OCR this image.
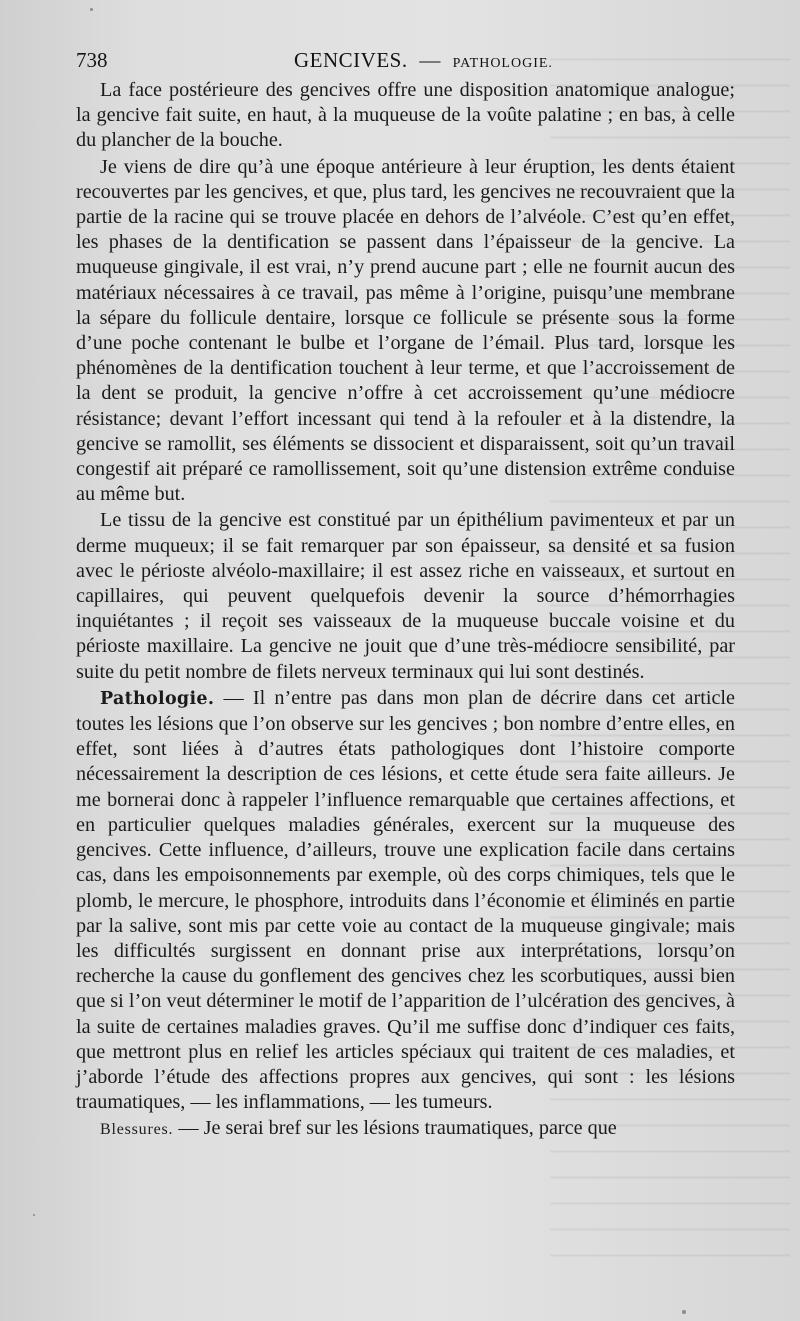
738	GENCIVES. — PATHOLOGIE.

La face postérieure des gencives offre une disposition anatomique analogue; la gencive fait suite, en haut, à la muqueuse de la voûte palatine ; en bas, à celle du plancher de la bouche.

Je viens de dire qu’à une époque antérieure à leur éruption, les dents étaient recouvertes par les gencives, et que, plus tard, les gencives ne recouvraient que la partie de la racine qui se trouve placée en dehors de l’alvéole. C’est qu’en effet, les phases de la dentification se passent dans l’épaisseur de la gencive. La muqueuse gingivale, il est vrai, n’y prend aucune part ; elle ne fournit aucun des matériaux nécessaires à ce travail, pas même à l’origine, puisqu’une membrane la sépare du follicule dentaire, lorsque ce follicule se présente sous la forme d’une poche contenant le bulbe et l’organe de l’émail. Plus tard, lorsque les phénomènes de la dentification touchent à leur terme, et que l’accroissement de la dent se produit, la gencive n’offre à cet accroissement qu’une médiocre résistance; devant l’effort incessant qui tend à la refouler et à la distendre, la gencive se ramollit, ses éléments se dissocient et disparaissent, soit qu’un travail congestif ait préparé ce ramollissement, soit qu’une distension extrême conduise au même but.

Le tissu de la gencive est constitué par un épithélium pavimenteux et par un derme muqueux; il se fait remarquer par son épaisseur, sa densité et sa fusion avec le périoste alvéolo-maxillaire; il est assez riche en vaisseaux, et surtout en capillaires, qui peuvent quelquefois devenir la source d’hémorrhagies inquiétantes ; il reçoit ses vaisseaux de la muqueuse buccale voisine et du périoste maxillaire. La gencive ne jouit que d’une très-médiocre sensibilité, par suite du petit nombre de filets nerveux terminaux qui lui sont destinés.

Pathologie. — Il n’entre pas dans mon plan de décrire dans cet article toutes les lésions que l’on observe sur les gencives ; bon nombre d’entre elles, en effet, sont liées à d’autres états pathologiques dont l’histoire comporte nécessairement la description de ces lésions, et cette étude sera faite ailleurs. Je me bornerai donc à rappeler l’influence remarquable que certaines affections, et en particulier quelques maladies générales, exercent sur la muqueuse des gencives. Cette influence, d’ailleurs, trouve une explication facile dans certains cas, dans les empoisonnements par exemple, où des corps chimiques, tels que le plomb, le mercure, le phosphore, introduits dans l’économie et éliminés en partie par la salive, sont mis par cette voie au contact de la muqueuse gingivale; mais les difficultés surgissent en donnant prise aux interprétations, lorsqu’on recherche la cause du gonflement des gencives chez les scorbutiques, aussi bien que si l’on veut déterminer le motif de l’apparition de l’ulcération des gencives, à la suite de certaines maladies graves. Qu’il me suffise donc d’indiquer ces faits, que mettront plus en relief les articles spéciaux qui traitent de ces maladies, et j’aborde l’étude des affections propres aux gencives, qui sont : les lésions traumatiques, — les inflammations, — les tumeurs.

Blessures. — Je serai bref sur les lésions traumatiques, parce que
